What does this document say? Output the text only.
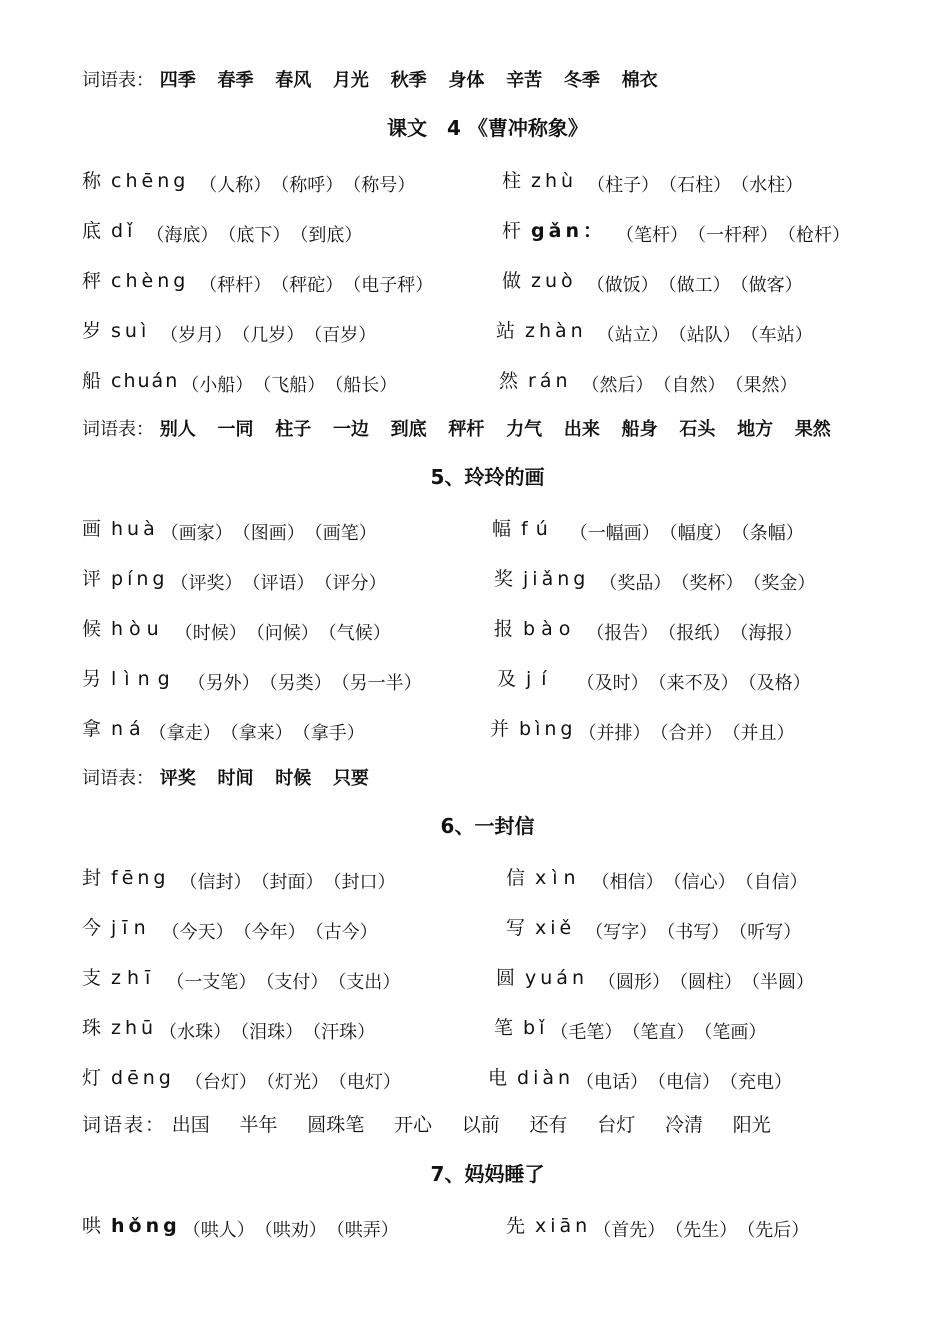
词语表： 四季 春季 春风 月光 秋季 身体 辛苦 冬季 棉衣
课文　4 《曹冲称象》
称 chēng	（ 人称 ）	（ 称呼 ）	（ 称号 ）	柱 zhù	（ 柱子 ）	（ 石柱 ）	（ 水柱 ）
底 dǐ	（ 海底 ）	（ 底下 ）	（ 到底 ）	杆 gǎn：	（ 笔杆 ）	（ 一杆秤 ）	（ 枪杆 ）
秤 chèng	（ 秤杆 ）	（ 秤砣 ）	（ 电子秤 ）	做 zuò	（ 做饭 ）	（ 做工 ）	（ 做客 ）
岁 suì	（ 岁月 ）	（ 几岁 ）	（ 百岁 ）	站 zhàn	（ 站立 ）	（ 站队 ）	（ 车站 ）
船 chuán	（ 小船 ）	（ 飞船 ）	（ 船长 ）	然 rán	（ 然后 ）	（ 自然 ）	（ 果然 ）
词语表： 别人 一同 柱子 一边 到底 秤杆 力气 出来 船身 石头 地方 果然
5、玲玲的画
画 huà	（ 画家 ）	（ 图画 ）	（ 画笔 ）	幅 fú	（ 一幅画 ）	（ 幅度 ）	（ 条幅 ）
评 píng	（ 评奖 ）	（ 评语 ）	（ 评分 ）	奖 jiǎng	（ 奖品 ）	（ 奖杯 ）	（ 奖金 ）
候 hòu	（ 时候 ）	（ 问候 ）	（ 气候 ）	报 bào	（ 报告 ）	（ 报纸 ）	（ 海报 ）
另 lìng	（ 另外 ）	（ 另类 ）	（ 另一半 ）	及 jí	（ 及时 ）	（ 来不及 ）	（ 及格 ）
拿 ná	（ 拿走 ）	（ 拿来 ）	（ 拿手 ）	并 bìng	（ 并排 ）	（ 合并 ）	（ 并且 ）
词语表： 评奖 时间 时候 只要
6、一封信
封 fēng	（ 信封 ）	（ 封面 ）	（ 封口 ）	信 xìn	（ 相信 ）	（ 信心 ）	（ 自信 ）
今 jīn	（ 今天 ）	（ 今年 ）	（ 古今 ）	写 xiě	（ 写字 ）	（ 书写 ）	（ 听写 ）
支 zhī	（ 一支笔 ）	（ 支付 ）	（ 支出 ）	圆 yuán	（ 圆形 ）	（ 圆柱 ）	（ 半圆 ）
珠 zhū	（ 水珠 ）	（ 泪珠 ）	（ 汗珠 ）	笔 bǐ	（ 毛笔 ）	（ 笔直 ）	（ 笔画 ）
灯 dēng	（ 台灯 ）	（ 灯光 ）	（ 电灯 ）	电 diàn	（ 电话 ）	（ 电信 ）	（ 充电 ）
词语表： 出国 半年 圆珠笔 开心 以前 还有 台灯 冷清 阳光
7、妈妈睡了
哄 hǒng	（ 哄人 ）	（ 哄劝 ）	（ 哄弄 ）	先 xiān	（ 首先 ）	（ 先生 ）	（ 先后 ）
